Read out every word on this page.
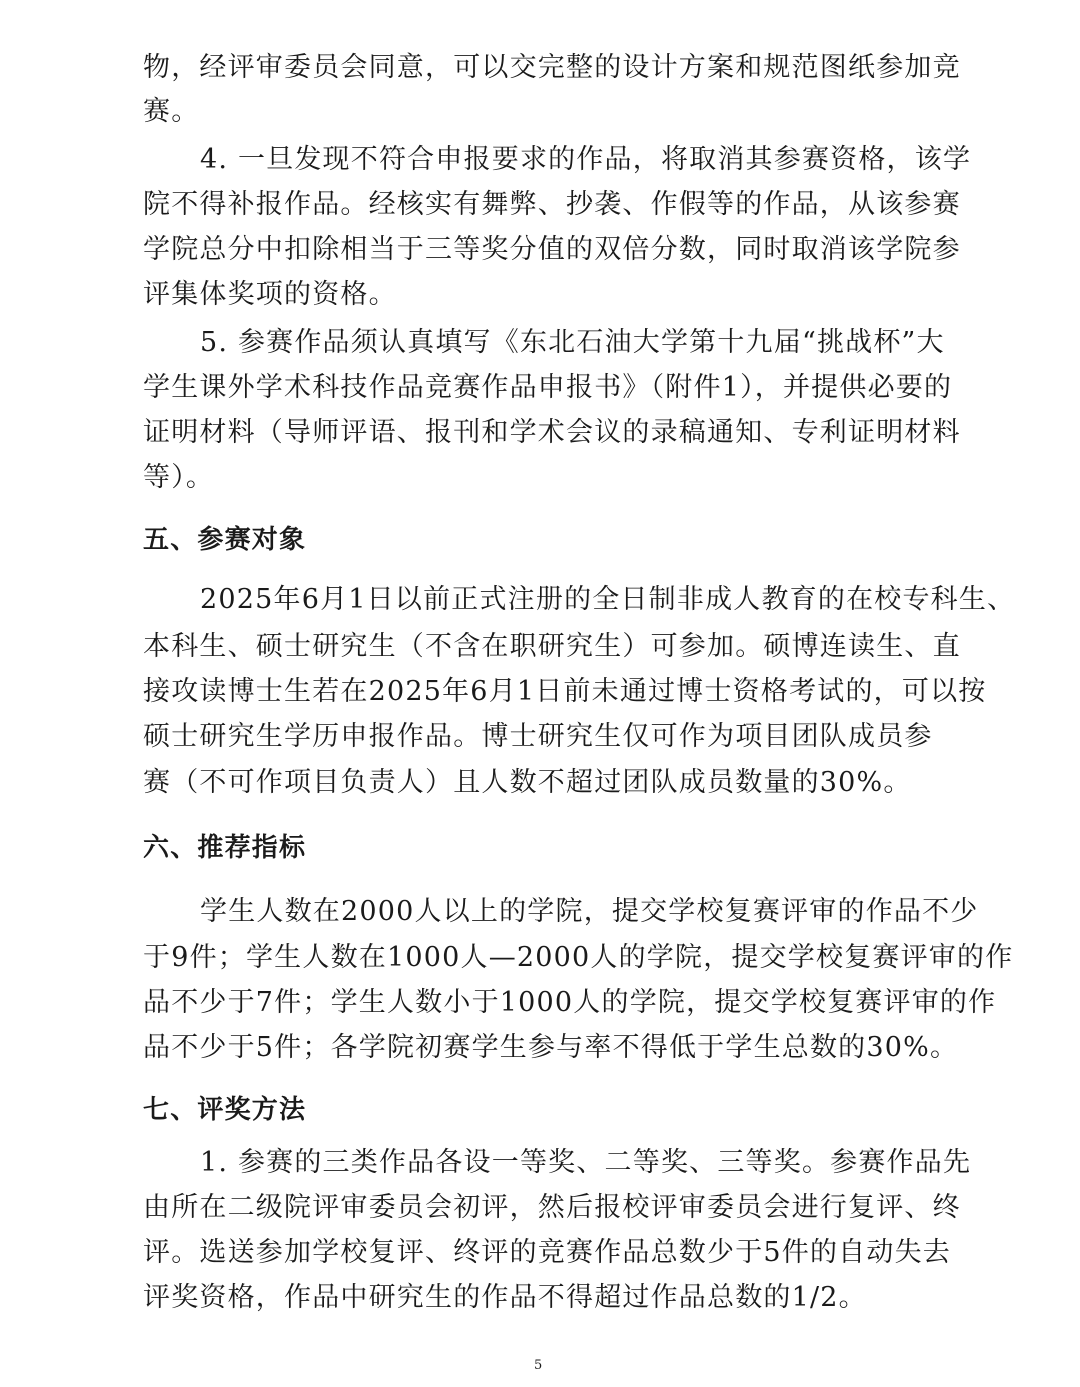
物，经评审委员会同意，可以交完整的设计方案和规范图纸参加竞
赛。
4. 一旦发现不符合申报要求的作品，将取消其参赛资格，该学
院不得补报作品。经核实有舞弊、抄袭、作假等的作品，从该参赛
学院总分中扣除相当于三等奖分值的双倍分数，同时取消该学院参
评集体奖项的资格。
5. 参赛作品须认真填写《东北石油大学第十九届“挑战杯”大
学生课外学术科技作品竞赛作品申报书》（附件1），并提供必要的
证明材料（导师评语、报刊和学术会议的录稿通知、专利证明材料
等）。
五、参赛对象
2025年6月1日以前正式注册的全日制非成人教育的在校专科生、
本科生、硕士研究生（不含在职研究生）可参加。硕博连读生、直
接攻读博士生若在2025年6月1日前未通过博士资格考试的，可以按
硕士研究生学历申报作品。博士研究生仅可作为项目团队成员参
赛（不可作项目负责人）且人数不超过团队成员数量的30%。
六、推荐指标
学生人数在2000人以上的学院，提交学校复赛评审的作品不少
于9件；学生人数在1000人—2000人的学院，提交学校复赛评审的作
品不少于7件；学生人数小于1000人的学院，提交学校复赛评审的作
品不少于5件；各学院初赛学生参与率不得低于学生总数的30%。
七、评奖方法
1. 参赛的三类作品各设一等奖、二等奖、三等奖。参赛作品先
由所在二级院评审委员会初评，然后报校评审委员会进行复评、终
评。选送参加学校复评、终评的竞赛作品总数少于5件的自动失去
评奖资格，作品中研究生的作品不得超过作品总数的1/2。
5
